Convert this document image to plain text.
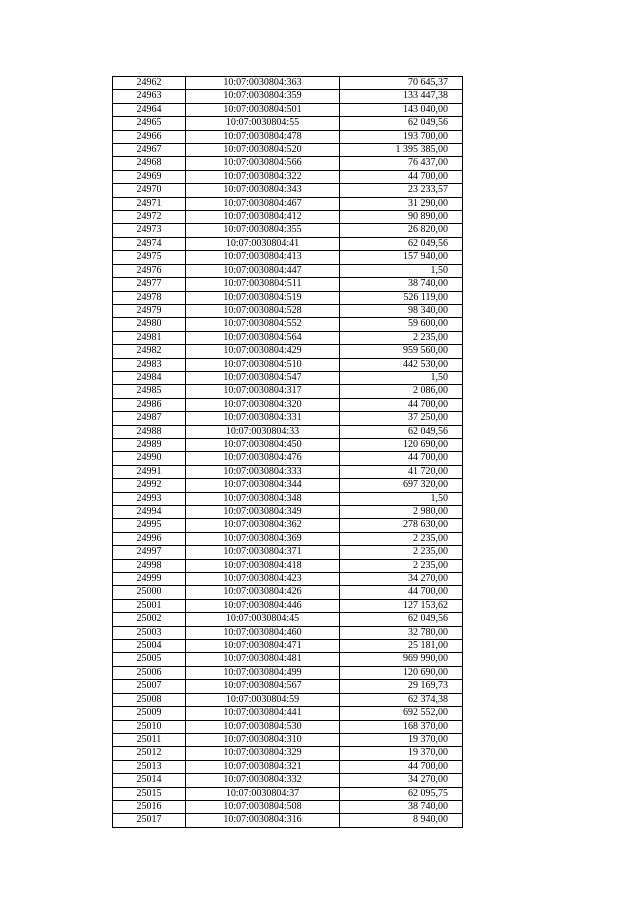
24962	10:07:0030804:363	70 645,37
24963	10:07:0030804:359	133 447,38
24964	10:07:0030804:501	143 040,00
24965	10:07:0030804:55	62 049,56
24966	10:07:0030804:478	193 700,00
24967	10:07:0030804:520	1 395 385,00
24968	10:07:0030804:566	76 437,00
24969	10:07:0030804:322	44 700,00
24970	10:07:0030804:343	23 233,57
24971	10:07:0030804:467	31 290,00
24972	10:07:0030804:412	90 890,00
24973	10:07:0030804:355	26 820,00
24974	10:07:0030804:41	62 049,56
24975	10:07:0030804:413	157 940,00
24976	10:07:0030804:447	1,50
24977	10:07:0030804:511	38 740,00
24978	10:07:0030804:519	526 119,00
24979	10:07:0030804:528	98 340,00
24980	10:07:0030804:552	59 600,00
24981	10:07:0030804:564	2 235,00
24982	10:07:0030804:429	959 560,00
24983	10:07:0030804:510	442 530,00
24984	10:07:0030804:547	1,50
24985	10:07:0030804:317	2 086,00
24986	10:07:0030804:320	44 700,00
24987	10:07:0030804:331	37 250,00
24988	10:07:0030804:33	62 049,56
24989	10:07:0030804:450	120 690,00
24990	10:07:0030804:476	44 700,00
24991	10:07:0030804:333	41 720,00
24992	10:07:0030804:344	697 320,00
24993	10:07:0030804:348	1,50
24994	10:07:0030804:349	2 980,00
24995	10:07:0030804:362	278 630,00
24996	10:07:0030804:369	2 235,00
24997	10:07:0030804:371	2 235,00
24998	10:07:0030804:418	2 235,00
24999	10:07:0030804:423	34 270,00
25000	10:07:0030804:426	44 700,00
25001	10:07:0030804:446	127 153,62
25002	10:07:0030804:45	62 049,56
25003	10:07:0030804:460	32 780,00
25004	10:07:0030804:471	25 181,00
25005	10:07:0030804:481	969 990,00
25006	10:07:0030804:499	120 690,00
25007	10:07:0030804:567	29 169,73
25008	10:07:0030804:59	62 374,38
25009	10:07:0030804:441	692 552,00
25010	10:07:0030804:530	168 370,00
25011	10:07:0030804:310	19 370,00
25012	10:07:0030804:329	19 370,00
25013	10:07:0030804:321	44 700,00
25014	10:07:0030804:332	34 270,00
25015	10:07:0030804:37	62 095,75
25016	10:07:0030804:508	38 740,00
25017	10:07:0030804:316	8 940,00
